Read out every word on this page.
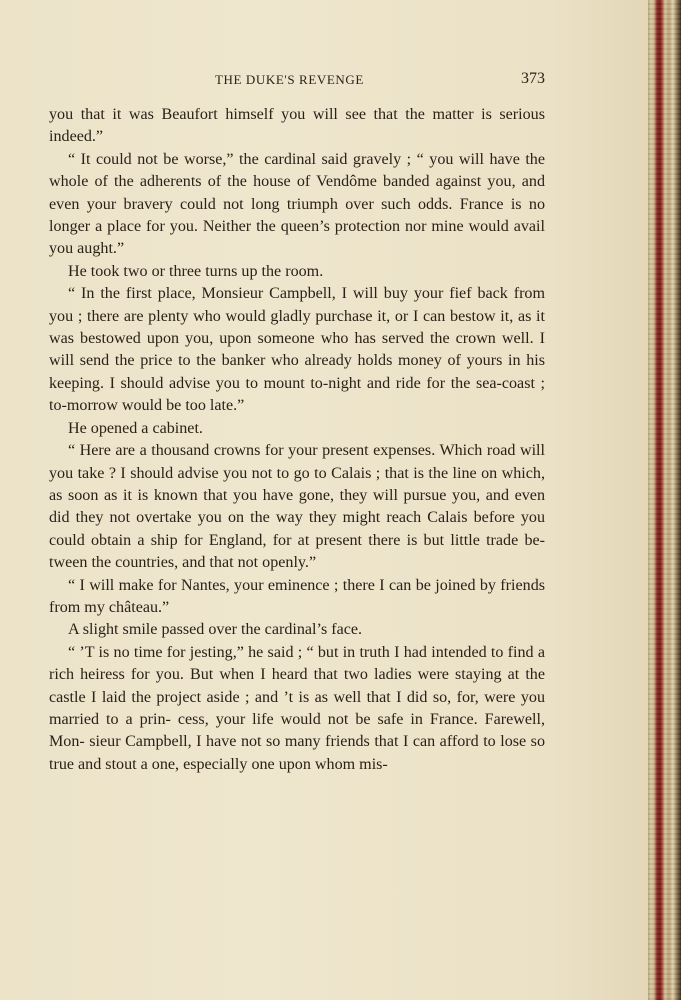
THE DUKE'S REVENGE	373

you that it was Beaufort himself you will see that the matter is serious indeed.”

“ It could not be worse,” the cardinal said gravely ; “ you will have the whole of the adherents of the house of Vendôme banded against you, and even your bravery could not long triumph over such odds. France is no longer a place for you. Neither the queen’s protection nor mine would avail you aught.”

He took two or three turns up the room.

“ In the first place, Monsieur Campbell, I will buy your fief back from you ; there are plenty who would gladly purchase it, or I can bestow it, as it was bestowed upon you, upon someone who has served the crown well. I will send the price to the banker who already holds money of yours in his keeping. I should advise you to mount to-night and ride for the sea-coast ; to-morrow would be too late.”

He opened a cabinet.

“ Here are a thousand crowns for your present expenses. Which road will you take ? I should advise you not to go to Calais ; that is the line on which, as soon as it is known that you have gone, they will pursue you, and even did they not overtake you on the way they might reach Calais before you could obtain a ship for England, for at present there is but little trade be- tween the countries, and that not openly.”

“ I will make for Nantes, your eminence ; there I can be joined by friends from my château.”

A slight smile passed over the cardinal’s face.

“ ’T is no time for jesting,” he said ; “ but in truth I had intended to find a rich heiress for you. But when I heard that two ladies were staying at the castle I laid the project aside ; and ’t is as well that I did so, for, were you married to a prin- cess, your life would not be safe in France. Farewell, Mon- sieur Campbell, I have not so many friends that I can afford to lose so true and stout a one, especially one upon whom mis-
